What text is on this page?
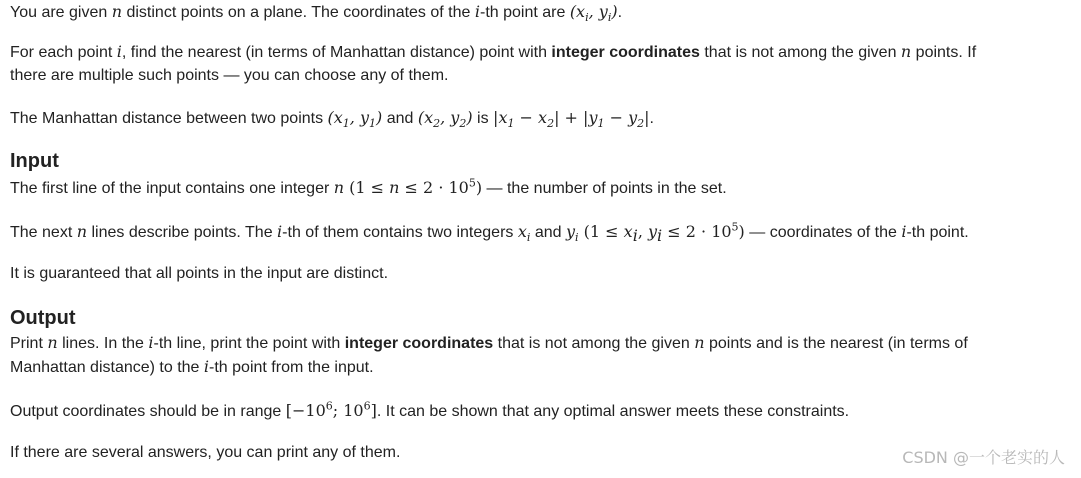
You are given n distinct points on a plane. The coordinates of the i-th point are ($x_i$, $y_i$).

For each point i, find the nearest (in terms of Manhattan distance) point with integer coordinates that is not among the given n points. If

there are multiple such points — you can choose any of them.

The Manhattan distance between two points ($x_1$, $y_1$) and ($x_2$, $y_2$) is $|x_1 - x_2| + |y_1 - y_2|$.

Input

The first line of the input contains one integer n $(1 \le n \le 2 \cdot 10^5)$ — the number of points in the set.

The next n lines describe points. The i-th of them contains two integers $x_i$ and $y_i$ ($1 \le x_i$, $y_i \le 2 \cdot 10^5$) — coordinates of the i-th point.

It is guaranteed that all points in the input are distinct.

Output

Print n lines. In the i-th line, print the point with integer coordinates that is not among the given n points and is the nearest (in terms of

Manhattan distance) to the i-th point from the input.

Output coordinates should be in range [$-10^6$; $10^6$]. It can be shown that any optimal answer meets these constraints.

If there are several answers, you can print any of them.	CSDN @一个老实的人
